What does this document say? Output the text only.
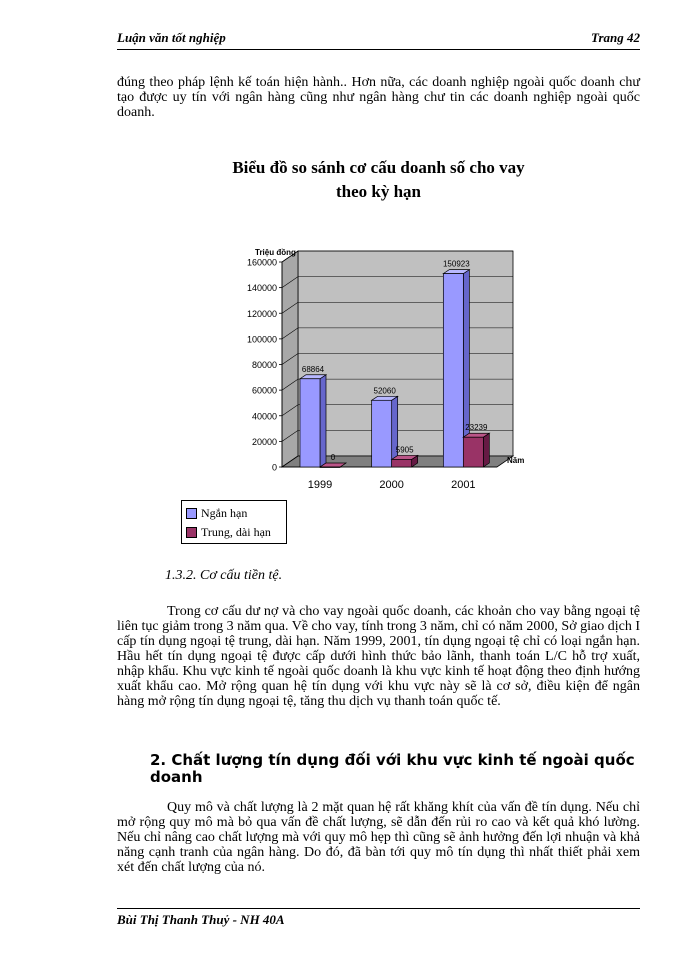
Luận văn tốt nghiệp	Trang 42

đúng theo pháp lệnh kế toán hiện hành.. Hơn nữa, các doanh nghiệp ngoài quốc doanh chư tạo được uy tín với ngân hàng cũng như ngân hàng chư tin các doanh nghiệp ngoài quốc doanh.

Biểu đồ so sánh cơ cấu doanh số cho vay
theo kỳ hạn
0
20000
40000
60000
80000
100000
120000
140000
160000
Triệu đồng
Năm
68864
0
1999
52060
5905
2000
150923
23239
2001
Ngắn hạn
Trung, dài hạn

1.3.2. Cơ cấu tiền tệ.

Trong cơ cấu dư nợ và cho vay ngoài quốc doanh, các khoản cho vay bằng ngoại tệ liên tục giảm trong 3 năm qua. Về cho vay, tính trong 3 năm, chỉ có năm 2000, Sở giao dịch I cấp tín dụng ngoại tệ trung, dài hạn. Năm 1999, 2001, tín dụng ngoại tệ chỉ có loại ngắn hạn. Hầu hết tín dụng ngoại tệ được cấp dưới hình thức bảo lãnh, thanh toán L/C hỗ trợ xuất, nhập khẩu. Khu vực kinh tế ngoài quốc doanh là khu vực kinh tế hoạt động theo định hướng xuất khẩu cao. Mở rộng quan hệ tín dụng với khu vực này sẽ là cơ sở, điều kiện để ngân hàng mở rộng tín dụng ngoại tệ, tăng thu dịch vụ thanh toán quốc tế.

2. Chất lượng tín dụng đối với khu vực kinh tế ngoài quốc doanh

Quy mô và chất lượng là 2 mặt quan hệ rất khăng khít của vấn đề tín dụng. Nếu chỉ mở rộng quy mô mà bỏ qua vấn đề chất lượng, sẽ dẫn đến rủi ro cao và kết quả khó lường. Nếu chỉ nâng cao chất lượng mà với quy mô hẹp thì cũng sẽ ảnh hưởng đến lợi nhuận và khả năng cạnh tranh của ngân hàng. Do đó, đã bàn tới quy mô tín dụng thì nhất thiết phải xem xét đến chất lượng của nó.

Bùi Thị Thanh Thuỷ - NH 40A
